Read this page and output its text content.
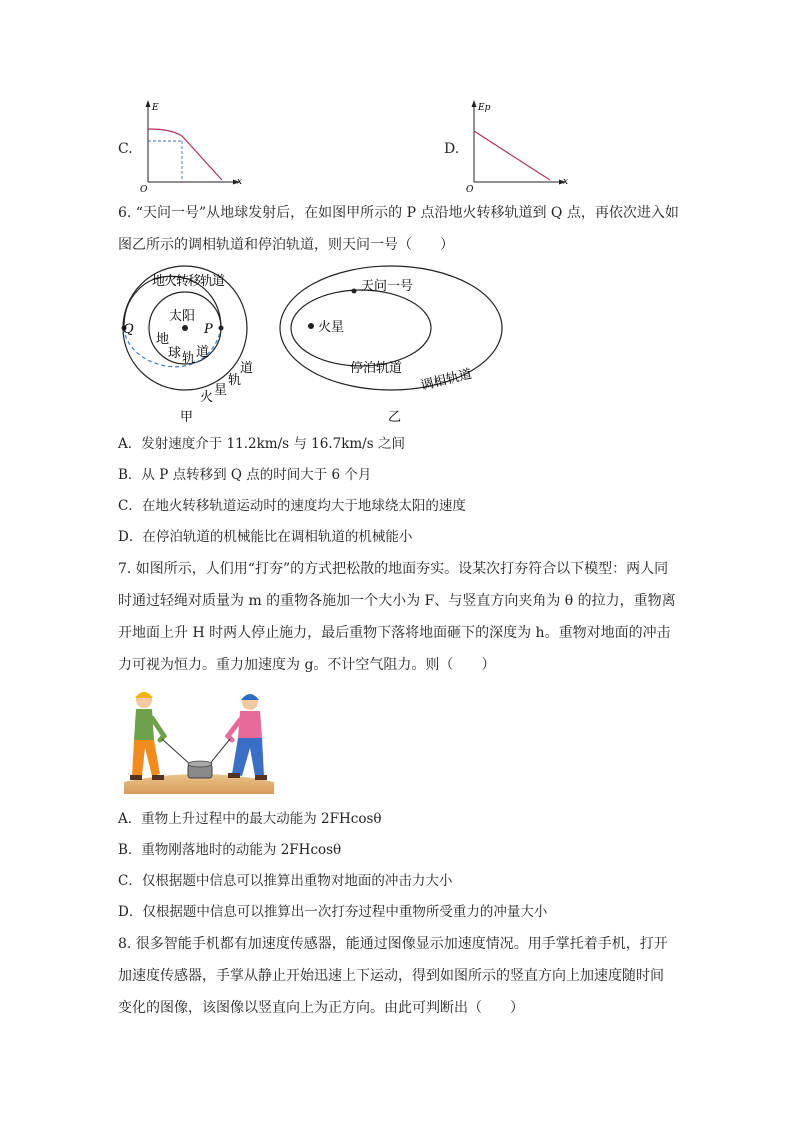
C.
E
x
O
D.
Ep
x
O
6. “天问一号”从地球发射后，在如图甲所示的 P 点沿地火转移轨道到 Q 点，再依次进入如
图乙所示的调相轨道和停泊轨道，则天问一号（　　）
太阳
P
Q
地火转移轨道
地
球 轨 道
道
轨
星
火
甲
天问一号
火星
停泊轨道 调相轨道
乙
A．发射速度介于 11.2km/s 与 16.7km/s 之间
B．从 P 点转移到 Q 点的时间大于 6 个月
C．在地火转移轨道运动时的速度均大于地球绕太阳的速度
D．在停泊轨道的机械能比在调相轨道的机械能小
7. 如图所示，人们用“打夯”的方式把松散的地面夯实。设某次打夯符合以下模型：两人同
时通过轻绳对质量为 m 的重物各施加一个大小为 F、与竖直方向夹角为 θ 的拉力，重物离
开地面上升 H 时两人停止施力，最后重物下落将地面砸下的深度为 h。重物对地面的冲击
力可视为恒力。重力加速度为 g。不计空气阻力。则（　　）
A．重物上升过程中的最大动能为 2FHcosθ
B．重物刚落地时的动能为 2FHcosθ
C．仅根据题中信息可以推算出重物对地面的冲击力大小
D．仅根据题中信息可以推算出一次打夯过程中重物所受重力的冲量大小
8. 很多智能手机都有加速度传感器，能通过图像显示加速度情况。用手掌托着手机，打开
加速度传感器，手掌从静止开始迅速上下运动，得到如图所示的竖直方向上加速度随时间
变化的图像，该图像以竖直向上为正方向。由此可判断出（　　）
